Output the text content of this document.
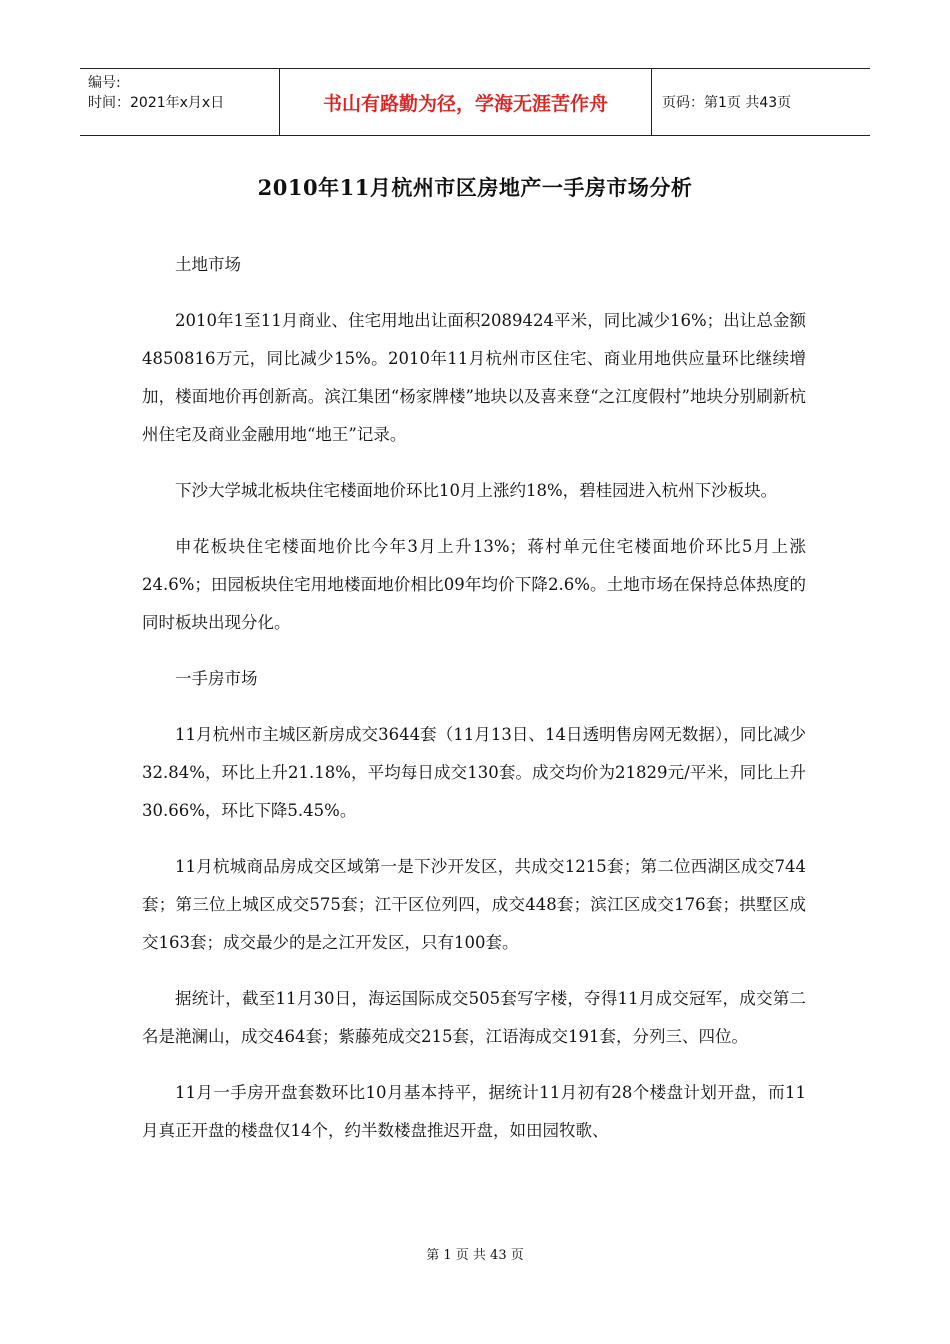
编号:
时间：2021年x月x日	书山有路勤为径，学海无涯苦作舟	页码：第1页 共43页
2010年11月杭州市区房地产一手房市场分析

土地市场

2010年1至11月商业、住宅用地出让面积2089424平米，同比减少16%；出让总金额4850816万元，同比减少15%。2010年11月杭州市区住宅、商业用地供应量环比继续增加，楼面地价再创新高。滨江集团“杨家牌楼”地块以及喜来登“之江度假村”地块分别刷新杭州住宅及商业金融用地“地王”记录。

下沙大学城北板块住宅楼面地价环比10月上涨约18%，碧桂园进入杭州下沙板块。

申花板块住宅楼面地价比今年3月上升13%；蒋村单元住宅楼面地价环比5月上涨24.6%；田园板块住宅用地楼面地价相比09年均价下降2.6%。土地市场在保持总体热度的同时板块出现分化。

一手房市场

11月杭州市主城区新房成交3644套（11月13日、14日透明售房网无数据），同比减少32.84%，环比上升21.18%，平均每日成交130套。成交均价为21829元/平米，同比上升30.66%，环比下降5.45%。

11月杭城商品房成交区域第一是下沙开发区，共成交1215套；第二位西湖区成交744套；第三位上城区成交575套；江干区位列四，成交448套；滨江区成交176套；拱墅区成交163套；成交最少的是之江开发区，只有100套。

据统计，截至11月30日，海运国际成交505套写字楼，夺得11月成交冠军，成交第二名是滟澜山，成交464套；紫藤苑成交215套，江语海成交191套，分列三、四位。

11月一手房开盘套数环比10月基本持平，据统计11月初有28个楼盘计划开盘，而11月真正开盘的楼盘仅14个，约半数楼盘推迟开盘，如田园牧歌、

第 1 页 共 43 页
